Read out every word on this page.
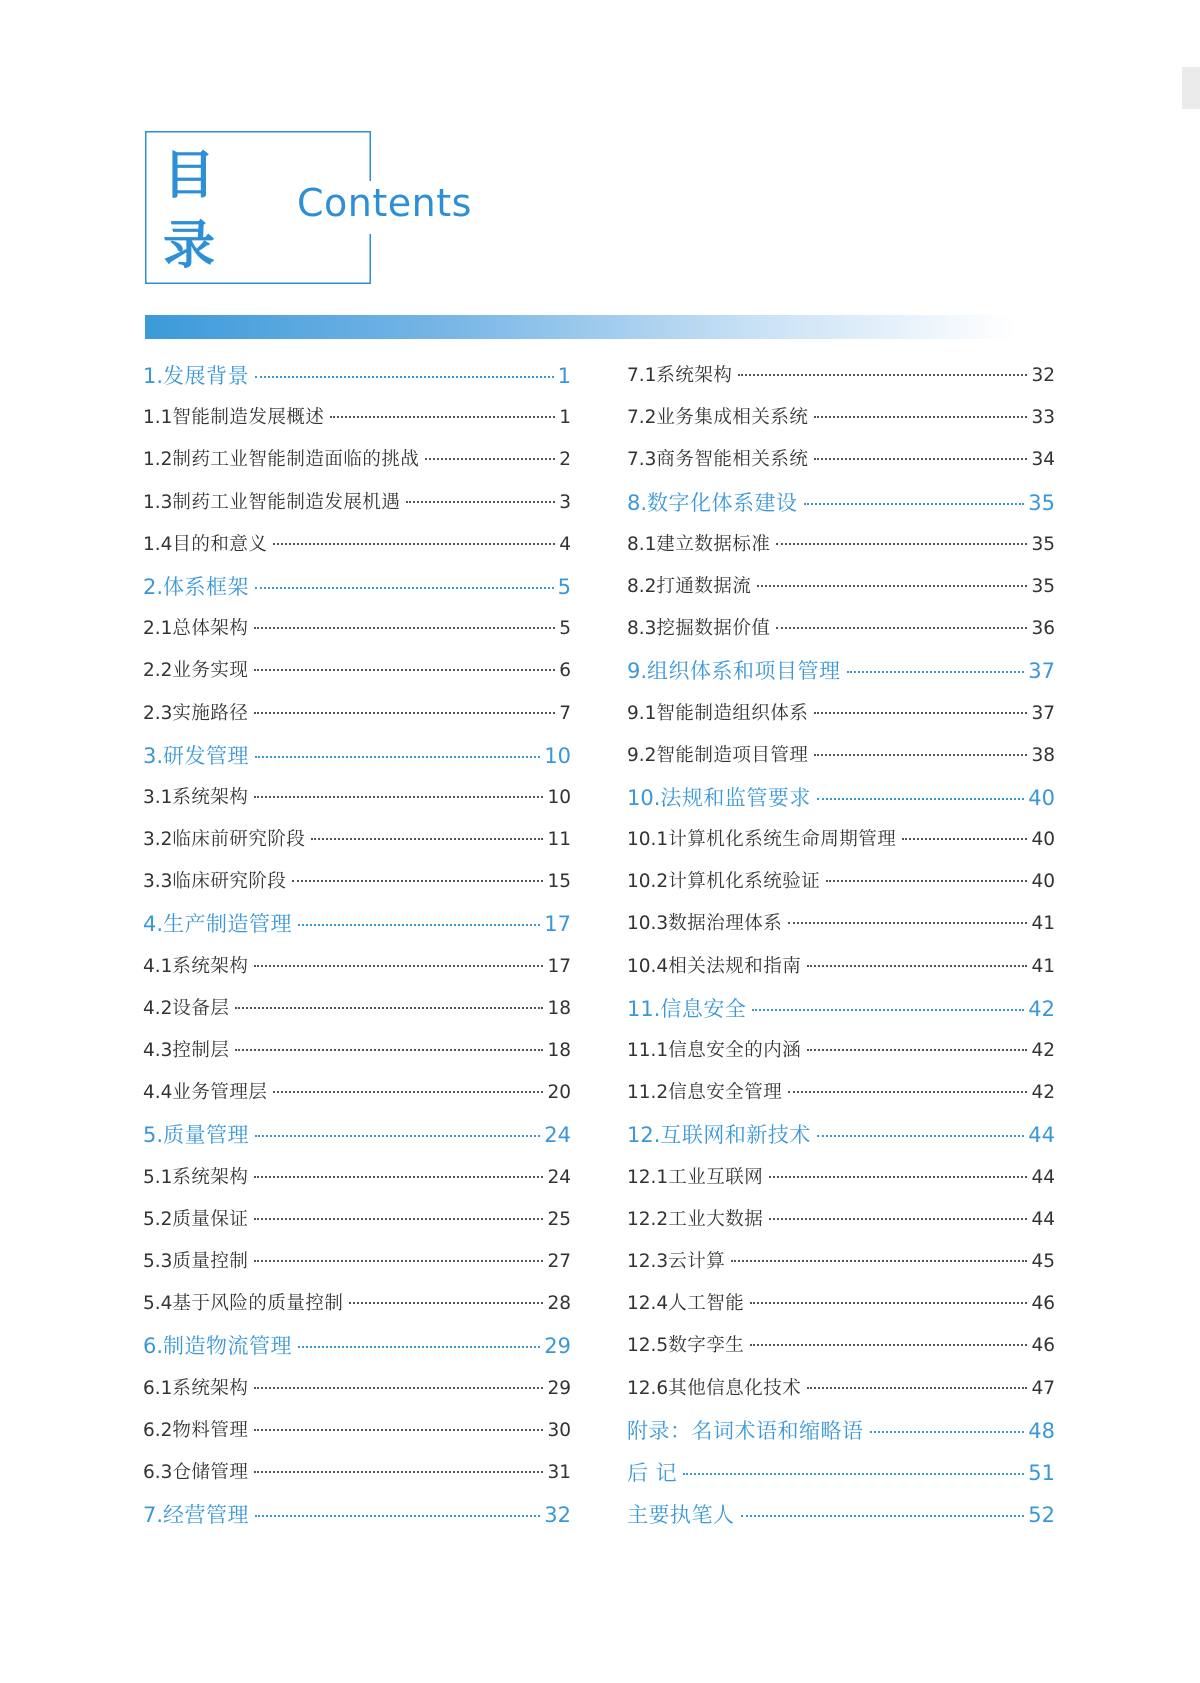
目
录
Contents
1. 发展背景	1
1.1 智能制造发展概述	1
1.2 制药工业智能制造面临的挑战	2
1.3 制药工业智能制造发展机遇	3
1.4 目的和意义	4
2. 体系框架	5
2.1 总体架构	5
2.2 业务实现	6
2.3 实施路径	7
3. 研发管理	10
3.1 系统架构	10
3.2 临床前研究阶段	11
3.3 临床研究阶段	15
4. 生产制造管理	17
4.1 系统架构	17
4.2 设备层	18
4.3 控制层	18
4.4 业务管理层	20
5. 质量管理	24
5.1 系统架构	24
5.2 质量保证	25
5.3 质量控制	27
5.4 基于风险的质量控制	28
6. 制造物流管理	29
6.1 系统架构	29
6.2 物料管理	30
6.3 仓储管理	31
7. 经营管理	32
7.1 系统架构	32
7.2 业务集成相关系统	33
7.3 商务智能相关系统	34
8. 数字化体系建设	35
8.1 建立数据标准	35
8.2 打通数据流	35
8.3 挖掘数据价值	36
9. 组织体系和项目管理	37
9.1 智能制造组织体系	37
9.2 智能制造项目管理	38
10. 法规和监管要求	40
10.1 计算机化系统生命周期管理	40
10.2 计算机化系统验证	40
10.3 数据治理体系	41
10.4 相关法规和指南	41
11. 信息安全	42
11.1 信息安全的内涵	42
11.2 信息安全管理	42
12. 互联网和新技术	44
12.1 工业互联网	44
12.2 工业大数据	44
12.3 云计算	45
12.4 人工智能	46
12.5 数字孪生	46
12.6 其他信息化技术	47
附录：名词术语和缩略语	48
后 记	51
主要执笔人	52
